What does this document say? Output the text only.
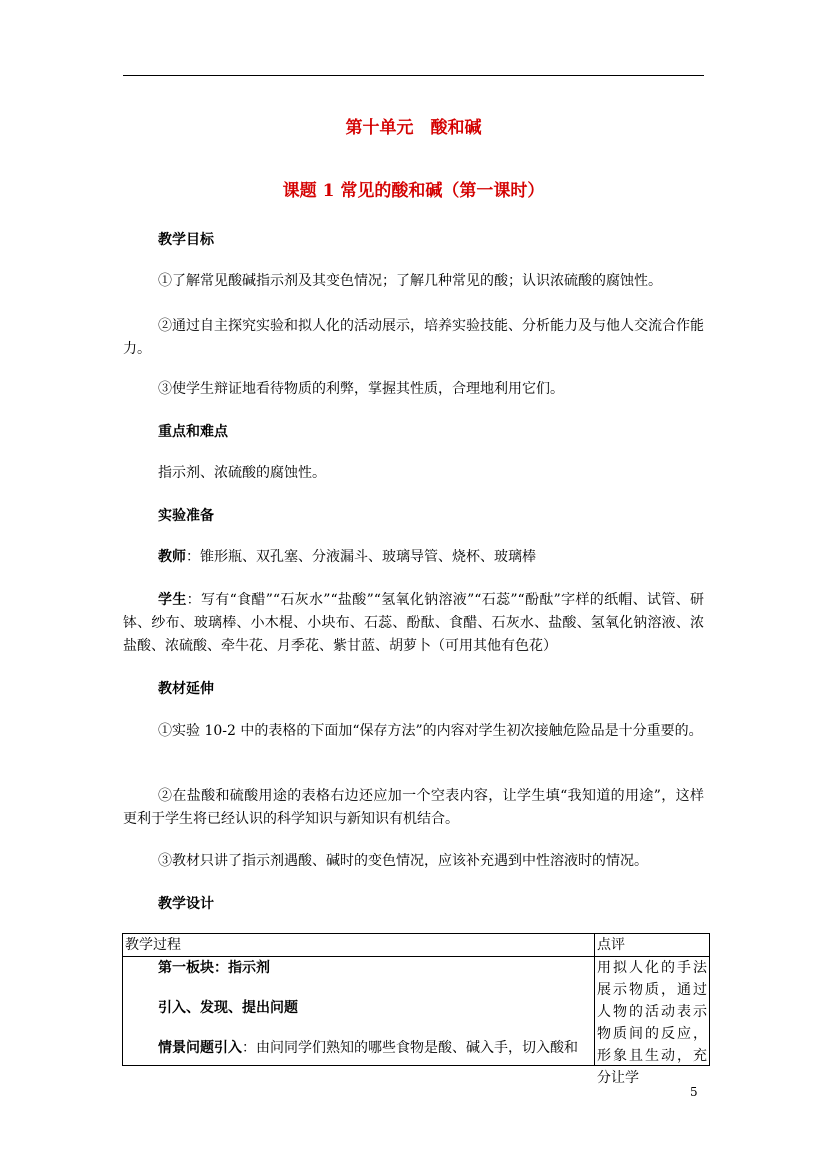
第十单元　酸和碱
课题 1 常见的酸和碱（第一课时）

教学目标

①了解常见酸碱指示剂及其变色情况；了解几种常见的酸；认识浓硫酸的腐蚀性。

②通过自主探究实验和拟人化的活动展示，培养实验技能、分析能力及与他人交流合作能力。

③使学生辩证地看待物质的利弊，掌握其性质，合理地利用它们。

重点和难点

指示剂、浓硫酸的腐蚀性。

实验准备

教师：锥形瓶、双孔塞、分液漏斗、玻璃导管、烧杯、玻璃棒

学生：写有“食醋”“石灰水”“盐酸”“氢氧化钠溶液”“石蕊”“酚酞”字样的纸帽、试管、研钵、纱布、玻璃棒、小木棍、小块布、石蕊、酚酞、食醋、石灰水、盐酸、氢氧化钠溶液、浓盐酸、浓硫酸、牵牛花、月季花、紫甘蓝、胡萝卜（可用其他有色花）

教材延伸

①实验 10-2 中的表格的下面加“保存方法”的内容对学生初次接触危险品是十分重要的。

②在盐酸和硫酸用途的表格右边还应加一个空表内容，让学生填“我知道的用途”，这样更利于学生将已经认识的科学知识与新知识有机结合。

③教材只讲了指示剂遇酸、碱时的变色情况，应该补充遇到中性溶液时的情况。

教学设计

教学过程	点评

第一板块：指示剂

引入、发现、提出问题

情景问题引入：由问同学们熟知的哪些食物是酸、碱入手，切入酸和	用拟人化的手法展示物质，通过人物的活动表示物质间的反应，形象且生动，充分让学
5
